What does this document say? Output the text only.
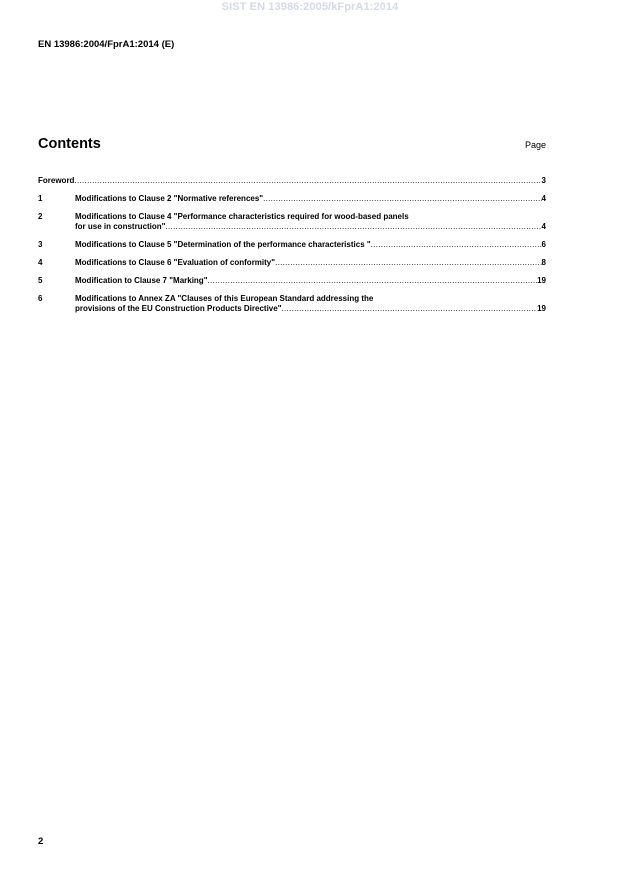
SIST EN 13986:2005/kFprA1:2014
EN 13986:2004/FprA1:2014 (E)
Contents	Page
Foreword .....	3
1	Modifications to Clause 2 "Normative references" .....	4
2	Modifications to Clause 4 "Performance characteristics required for wood-based panels
for use in construction" .....	4
3	Modifications to Clause 5 "Determination of the performance characteristics " .....	6
4	Modifications to Clause 6 "Evaluation of conformity" .....	8
5	Modification to Clause 7 "Marking" .....	19
6	Modifications to Annex ZA "Clauses of this European Standard addressing the
provisions of the EU Construction Products Directive" .....	19
2
